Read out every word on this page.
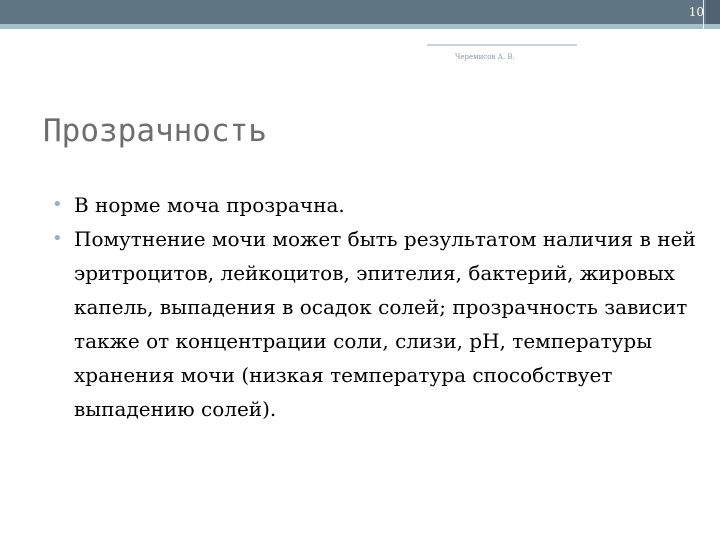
10
Черемисов А. В.
Прозрачность
• В норме моча прозрачна.
• Помутнение мочи может быть результатом наличия в ней эритроцитов, лейкоцитов, эпителия, бактерий, жировых капель, выпадения в осадок солей; прозрачность зависит также от концентрации соли, слизи, pH, температуры хранения мочи (низкая температура способствует выпадению солей).
